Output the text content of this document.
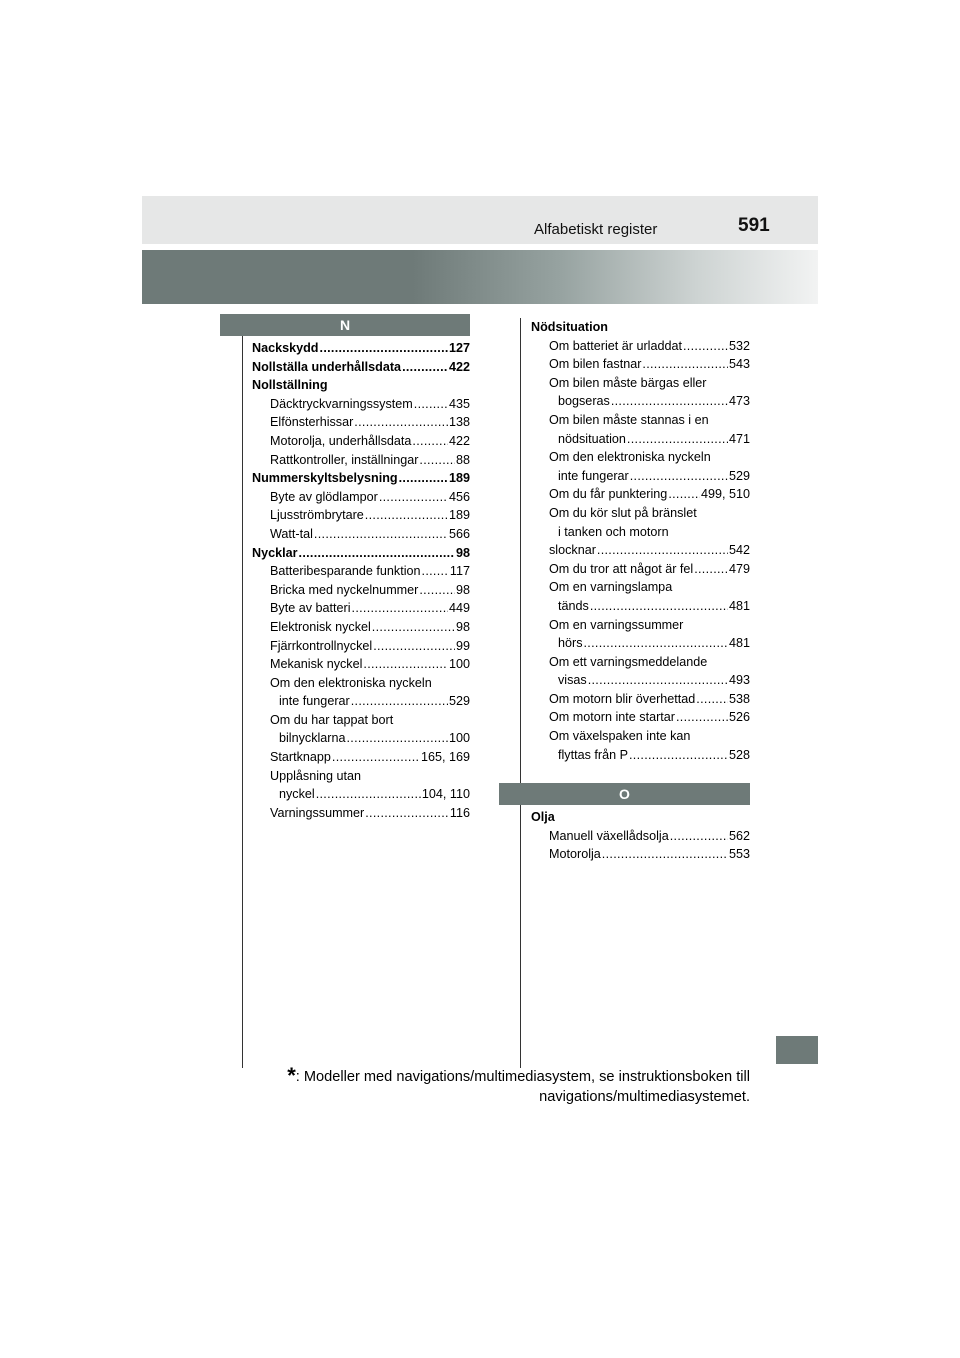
Alfabetiskt register	591
N
Nackskydd .....	127
Nollställa underhållsdata .....	422
Nollställning
Däcktryckvarningssystem .....	435
Elfönsterhissar .....	138
Motorolja, underhållsdata .....	422
Rattkontroller, inställningar .....	88
Nummerskyltsbelysning .....	189
Byte av glödlampor .....	456
Ljusströmbrytare .....	189
Watt-tal .....	566
Nycklar .....	98
Batteribesparande funktion ..... 117
Bricka med nyckelnummer .....	98
Byte av batteri .....	449
Elektronisk nyckel .....	98
Fjärrkontrollnyckel .....	99
Mekanisk nyckel .....	100
Om den elektroniska nyckeln
inte fungerar .....	529
Om du har tappat bort
bilnycklarna .....	100
Startknapp .....	165, 169
Upplåsning utan
nyckel .....	104, 110
Varningssummer .....	116
Nödsituation
Om batteriet är urladdat .....	532
Om bilen fastnar .....	543
Om bilen måste bärgas eller
bogseras .....	473
Om bilen måste stannas i en
nödsituation .....	471
Om den elektroniska nyckeln
inte fungerar .....	529
Om du får punktering .....	499, 510
Om du kör slut på bränslet
i tanken och motorn
slocknar .....	542
Om du tror att något är fel .....	479
Om en varningslampa
tänds .....	481
Om en varningssummer
hörs .....	481
Om ett varningsmeddelande
visas .....	493
Om motorn blir överhettad .....	538
Om motorn inte startar .....	526
Om växelspaken inte kan
flyttas från P .....	528
O
Olja
Manuell växellådsolja .....	562
Motorolja .....	553
*: Modeller med navigations/multimediasystem, se instruktionsboken till
navigations/multimediasystemet.
